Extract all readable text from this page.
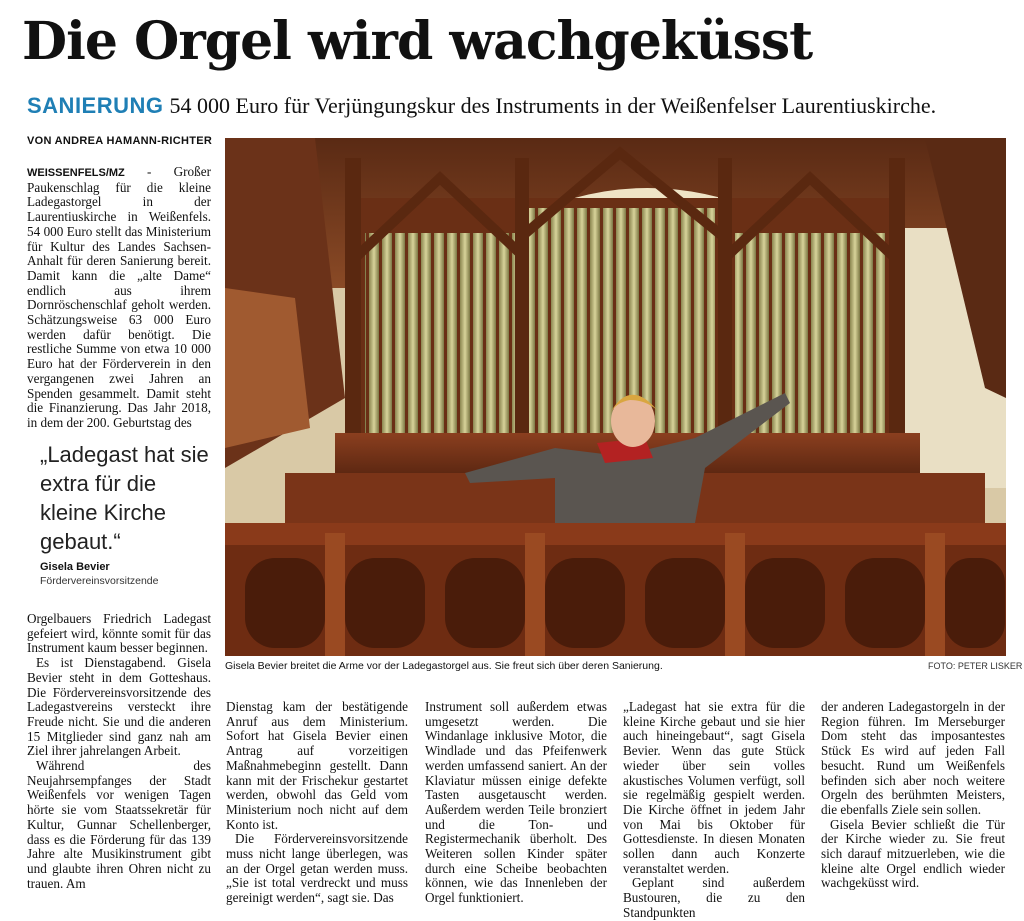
Die Orgel wird wachgeküsst
SANIERUNG 54 000 Euro für Verjüngungskur des Instruments in der Weißenfelser Laurentiuskirche.
VON ANDREA HAMANN-RICHTER

WEISSENFELS/MZ - Großer Paukenschlag für die kleine Ladegastorgel in der Laurentiuskirche in Weißenfels. 54 000 Euro stellt das Ministerium für Kultur des Landes Sachsen-Anhalt für deren Sanierung bereit. Damit kann die „alte Dame“ endlich aus ihrem Dornröschenschlaf geholt werden. Schätzungsweise 63 000 Euro werden dafür benötigt. Die restliche Summe von etwa 10 000 Euro hat der Förderverein in den vergangenen zwei Jahren an Spenden gesammelt. Damit steht die Finanzierung. Das Jahr 2018, in dem der 200. Geburtstag des

„Ladegast hat sie extra für die kleine Kirche gebaut.“
Gisela Bevier
Fördervereinsvorsitzende

Orgelbauers Friedrich Ladegast gefeiert wird, könnte somit für das Instrument kaum besser beginnen.

Es ist Dienstagabend. Gisela Bevier steht in dem Gotteshaus. Die Fördervereinsvorsitzende des Ladegastvereins versteckt ihre Freude nicht. Sie und die anderen 15 Mitglieder sind ganz nah am Ziel ihrer jahrelangen Arbeit.

Während des Neujahrsempfanges der Stadt Weißenfels vor wenigen Tagen hörte sie vom Staatssekretär für Kultur, Gunnar Schellenberger, dass es die Förderung für das 139 Jahre alte Musikinstrument gibt und glaubte ihren Ohren nicht zu trauen. Am

Gisela Bevier breitet die Arme vor der Ladegastorgel aus. Sie freut sich über deren Sanierung.	FOTO: PETER LISKER

Dienstag kam der bestätigende Anruf aus dem Ministerium. Sofort hat Gisela Bevier einen Antrag auf vorzeitigen Maßnahmebeginn gestellt. Dann kann mit der Frischekur gestartet werden, obwohl das Geld vom Ministerium noch nicht auf dem Konto ist.

Die Fördervereinsvorsitzende muss nicht lange überlegen, was an der Orgel getan werden muss. „Sie ist total verdreckt und muss gereinigt werden“, sagt sie. Das

Instrument soll außerdem etwas umgesetzt werden. Die Windanlage inklusive Motor, die Windlade und das Pfeifenwerk werden umfassend saniert. An der Klaviatur müssen einige defekte Tasten ausgetauscht werden. Außerdem werden Teile bronziert und die Ton- und Registermechanik überholt. Des Weiteren sollen Kinder später durch eine Scheibe beobachten können, wie das Innenleben der Orgel funktioniert.

„Ladegast hat sie extra für die kleine Kirche gebaut und sie hier auch hineingebaut“, sagt Gisela Bevier. Wenn das gute Stück wieder über sein volles akustisches Volumen verfügt, soll sie regelmäßig gespielt werden. Die Kirche öffnet in jedem Jahr von Mai bis Oktober für Gottesdienste. In diesen Monaten sollen dann auch Konzerte veranstaltet werden.

Geplant sind außerdem Bustouren, die zu den Standpunkten

der anderen Ladegastorgeln in der Region führen. Im Merseburger Dom steht das imposantestes Stück Es wird auf jeden Fall besucht. Rund um Weißenfels befinden sich aber noch weitere Orgeln des berühmten Meisters, die ebenfalls Ziele sein sollen.

Gisela Bevier schließt die Tür der Kirche wieder zu. Sie freut sich darauf mitzuerleben, wie die kleine alte Orgel endlich wieder wachgeküsst wird.
